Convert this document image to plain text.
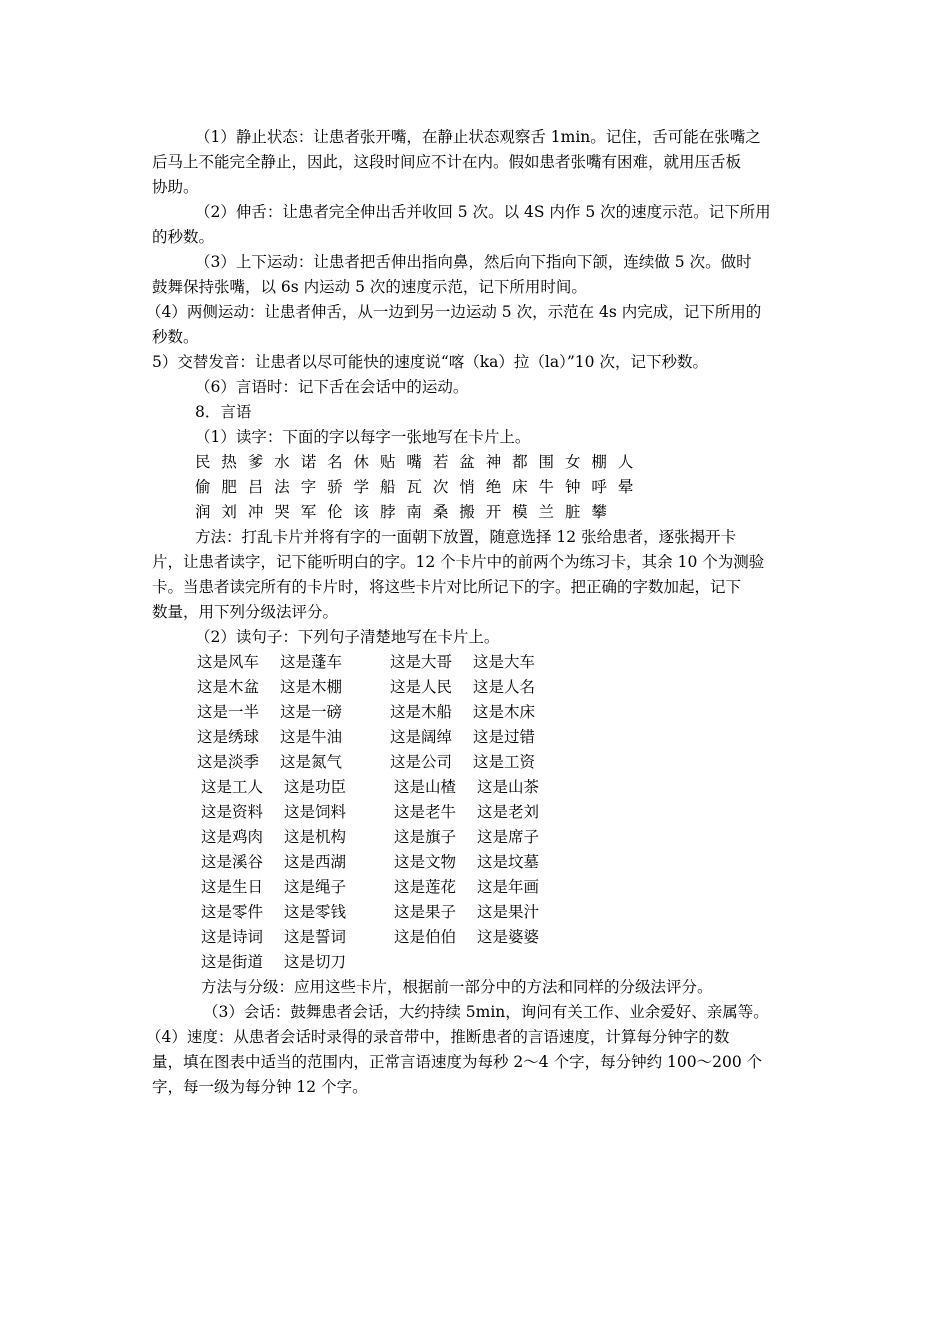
（1）静止状态：让患者张开嘴，在静止状态观察舌 1min。记住，舌可能在张嘴之
后马上不能完全静止，因此，这段时间应不计在内。假如患者张嘴有困难，就用压舌板
协助。
（2）伸舌：让患者完全伸出舌并收回 5 次。以 4S 内作 5 次的速度示范。记下所用
的秒数。
（3）上下运动：让患者把舌伸出指向鼻，然后向下指向下颌，连续做 5 次。做时
鼓舞保持张嘴，以 6s 内运动 5 次的速度示范，记下所用时间。
（4）两侧运动：让患者伸舌，从一边到另一边运动 5 次，示范在 4s 内完成，记下所用的
秒数。
5）交替发音：让患者以尽可能快的速度说“喀（ka）拉（la）”10 次，记下秒数。
（6）言语时：记下舌在会话中的运动。
8．言语
（1）读字：下面的字以每字一张地写在卡片上。
民 热 爹 水 诺 名 休 贴 嘴 若 盆 神 都 围 女 棚 人
偷 肥 吕 法 字 骄 学 船 瓦 次 悄 绝 床 牛 钟 呼 晕
润 刘 冲 哭 军 伦 该 脖 南 桑 搬 开 模 兰 脏 攀
方法：打乱卡片并将有字的一面朝下放置，随意选择 12 张给患者，逐张揭开卡
片，让患者读字，记下能听明白的字。12 个卡片中的前两个为练习卡，其余 10 个为测验
卡。当患者读完所有的卡片时，将这些卡片对比所记下的字。把正确的字数加起，记下
数量，用下列分级法评分。
（2）读句子：下列句子清楚地写在卡片上。
这是风车 这是蓬车	这是大哥 这是大车
这是木盆 这是木棚	这是人民 这是人名
这是一半 这是一磅	这是木船 这是木床
这是绣球 这是牛油	这是阔绰 这是过错
这是淡季 这是氮气	这是公司 这是工资
这是工人 这是功臣	这是山楂 这是山茶
这是资料 这是饲料	这是老牛 这是老刘
这是鸡肉 这是机构	这是旗子 这是席子
这是溪谷 这是西湖	这是文物 这是坟墓
这是生日 这是绳子	这是莲花 这是年画
这是零件 这是零钱	这是果子 这是果汁
这是诗词 这是誓词	这是伯伯 这是婆婆
这是街道 这是切刀
方法与分级：应用这些卡片，根据前一部分中的方法和同样的分级法评分。
（3）会话：鼓舞患者会话，大约持续 5min，询问有关工作、业余爱好、亲属等。
（4）速度：从患者会话时录得的录音带中，推断患者的言语速度，计算每分钟字的数
量，填在图表中适当的范围内，正常言语速度为每秒 2～4 个字，每分钟约 100～200 个
字，每一级为每分钟 12 个字。
